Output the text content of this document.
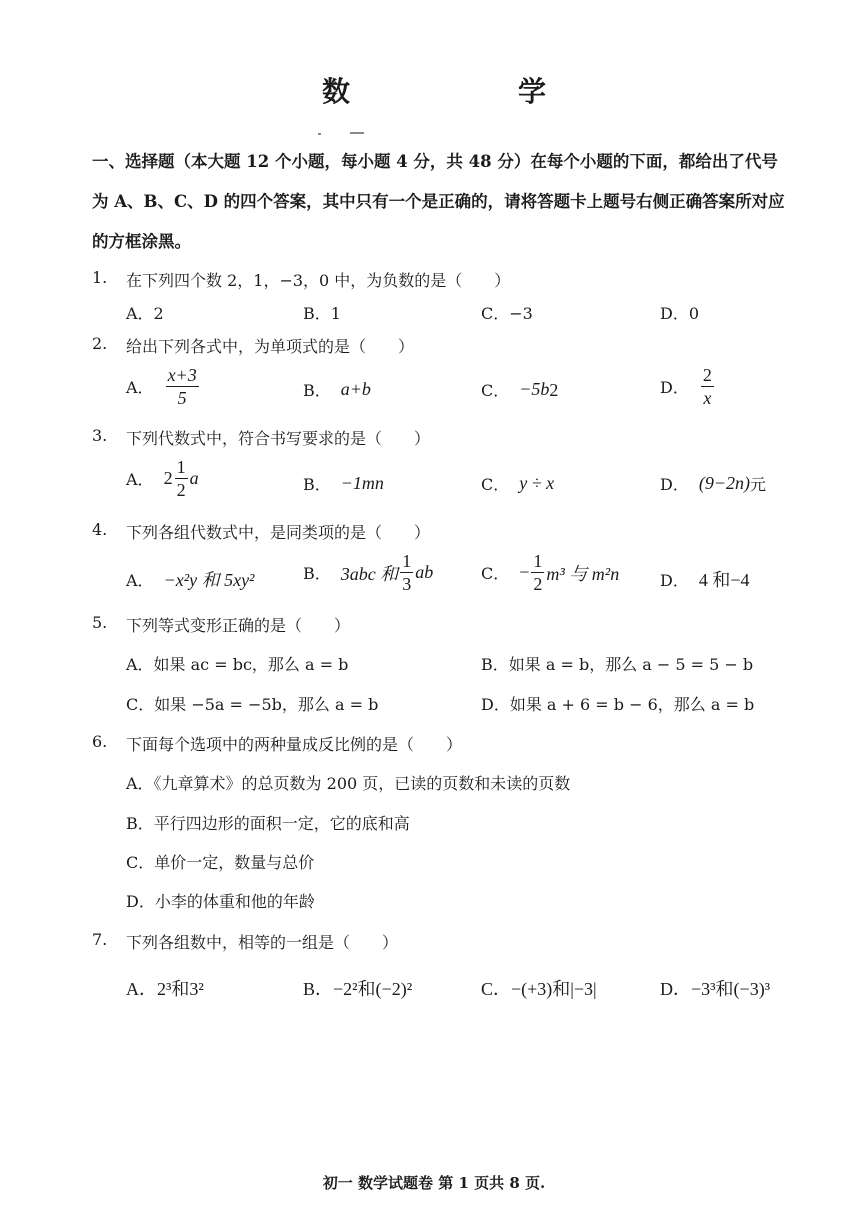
数　学
一、选择题（本大题 12 个小题，每小题 4 分，共 48 分）在每个小题的下面，都给出了代号为 A、B、C、D 的四个答案，其中只有一个是正确的，请将答题卡上题号右侧正确答案所对应的方框涂黑。
1. 在下列四个数 2，1，−3，0 中，为负数的是（　　）
A．2	B．1	C．−3	D．0
2. 给出下列各式中，为单项式的是（　　）
A． $\frac{x+3}{5}$	B． a+b	C． −5b 2	D． $\frac{2}{x}$
3. 下列代数式中，符合书写要求的是（　　）
A． $2 \frac{1}{2}$ a	B． −1mn	C． y ÷ x	D． (9−2n) 元
4. 下列各组代数式中，是同类项的是（　　）
A． −x²y 和 5xy²	B． 3abc 和 $\frac{1}{3}$ ab	C． − $\frac{1}{2} m^3$ 与 m²n	D． 4 和−4
5. 下列等式变形正确的是（　　）
A．如果 ac = bc，那么 a = b	B．如果 a = b，那么 a − 5 = 5 − b
C．如果 −5a = −5b，那么 a = b	D．如果 a + 6 = b − 6，那么 a = b
6. 下面每个选项中的两种量成反比例的是（　　）
A．《九章算术》的总页数为 200 页，已读的页数和未读的页数
B．平行四边形的面积一定，它的底和高
C．单价一定，数量与总价
D．小李的体重和他的年龄
7. 下列各组数中，相等的一组是（　　）
A．2³和3²	B．−2²和(−2)²	C．−(+3)和|−3|	D．−3³和(−3)³
初一 数学试题卷 第 1 页共 8 页.
